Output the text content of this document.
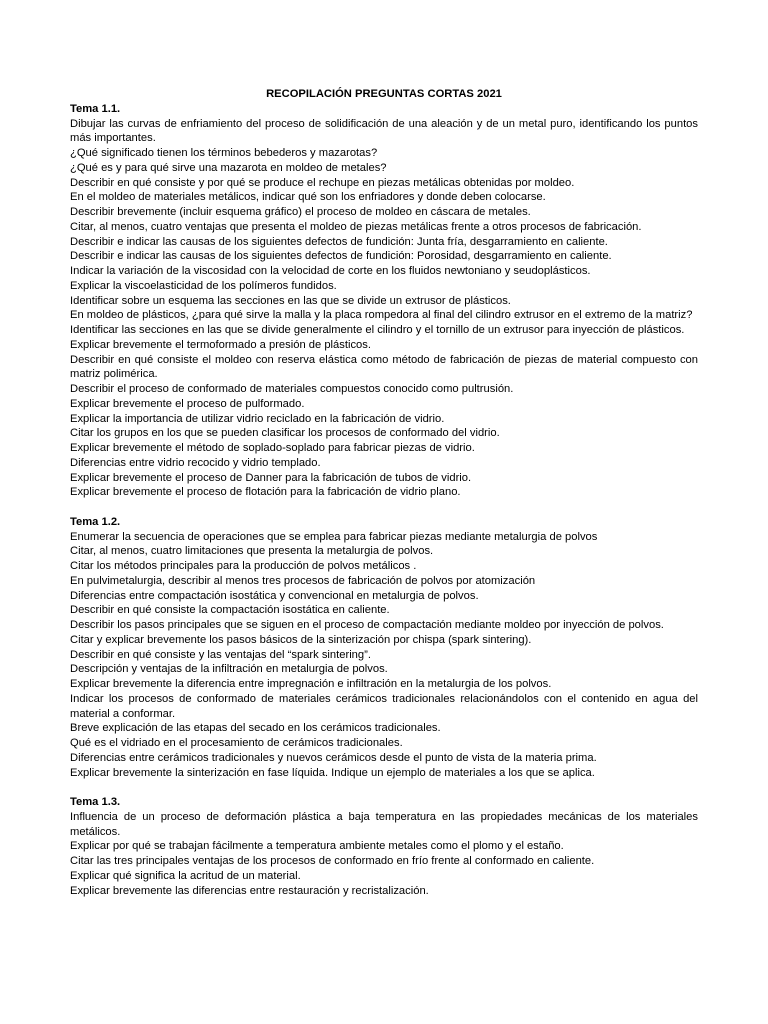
RECOPILACIÓN PREGUNTAS CORTAS 2021

Tema 1.1.

Dibujar las curvas de enfriamiento del proceso de solidificación de una aleación y de un metal puro, identificando los puntos más importantes.

¿Qué significado tienen los términos bebederos y mazarotas?

¿Qué es y para qué sirve una mazarota en moldeo de metales?

Describir en qué consiste y por qué se produce el rechupe en piezas metálicas obtenidas por moldeo.

En el moldeo de materiales metálicos, indicar qué son los enfriadores y donde deben colocarse.

Describir brevemente (incluir esquema gráfico) el proceso de moldeo en cáscara de metales.

Citar, al menos, cuatro ventajas que presenta el moldeo de piezas metálicas frente a otros procesos de fabricación.

Describir e indicar las causas de los siguientes defectos de fundición: Junta fría, desgarramiento en caliente.

Describir e indicar las causas de los siguientes defectos de fundición: Porosidad, desgarramiento en caliente.

Indicar la variación de la viscosidad con la velocidad de corte en los fluidos newtoniano y seudoplásticos.

Explicar la viscoelasticidad de los polímeros fundidos.

Identificar sobre un esquema las secciones en las que se divide un extrusor de plásticos.

En moldeo de plásticos, ¿para qué sirve la malla y la placa rompedora al final del cilindro extrusor en el extremo de la matriz?

Identificar las secciones en las que se divide generalmente el cilindro y el tornillo de un extrusor para inyección de plásticos.

Explicar brevemente el termoformado a presión de plásticos.

Describir en qué consiste el moldeo con reserva elástica como método de fabricación de piezas de material compuesto con matriz polimérica.

Describir el proceso de conformado de materiales compuestos conocido como pultrusión.

Explicar brevemente el proceso de pulformado.

Explicar la importancia de utilizar vidrio reciclado en la fabricación de vidrio.

Citar los grupos en los que se pueden clasificar los procesos de conformado del vidrio.

Explicar brevemente el método de soplado-soplado para fabricar piezas de vidrio.

Diferencias entre vidrio recocido y vidrio templado.

Explicar brevemente el proceso de Danner para la fabricación de tubos de vidrio.

Explicar brevemente el proceso de flotación para la fabricación de vidrio plano.

Tema 1.2.

Enumerar la secuencia de operaciones que se emplea para fabricar piezas mediante metalurgia de polvos

Citar, al menos, cuatro limitaciones que presenta la metalurgia de polvos.

Citar los métodos principales para la producción de polvos metálicos .

En pulvimetalurgia, describir al menos tres procesos de fabricación de polvos por atomización

Diferencias entre compactación isostática y convencional en metalurgia de polvos.

Describir en qué consiste la compactación isostática en caliente.

Describir los pasos principales que se siguen en el proceso de compactación mediante moldeo por inyección de polvos.

Citar y explicar brevemente los pasos básicos de la sinterización por chispa (spark sintering).

Describir en qué consiste y las ventajas del “spark sintering”.

Descripción y ventajas de la infiltración en metalurgia de polvos.

Explicar brevemente la diferencia entre impregnación e infiltración en la metalurgia de los polvos.

Indicar los procesos de conformado de materiales cerámicos tradicionales relacionándolos con el contenido en agua del material a conformar.

Breve explicación de las etapas del secado en los cerámicos tradicionales.

Qué es el vidriado en el procesamiento de cerámicos tradicionales.

Diferencias entre cerámicos tradicionales y nuevos cerámicos desde el punto de vista de la materia prima.

Explicar brevemente la sinterización en fase líquida. Indique un ejemplo de materiales a los que se aplica.

Tema 1.3.

Influencia de un proceso de deformación plástica a baja temperatura en las propiedades mecánicas de los materiales metálicos.

Explicar por qué se trabajan fácilmente a temperatura ambiente metales como el plomo y el estaño.

Citar las tres principales ventajas de los procesos de conformado en frío frente al conformado en caliente.

Explicar qué significa la acritud de un material.

Explicar brevemente las diferencias entre restauración y recristalización.
